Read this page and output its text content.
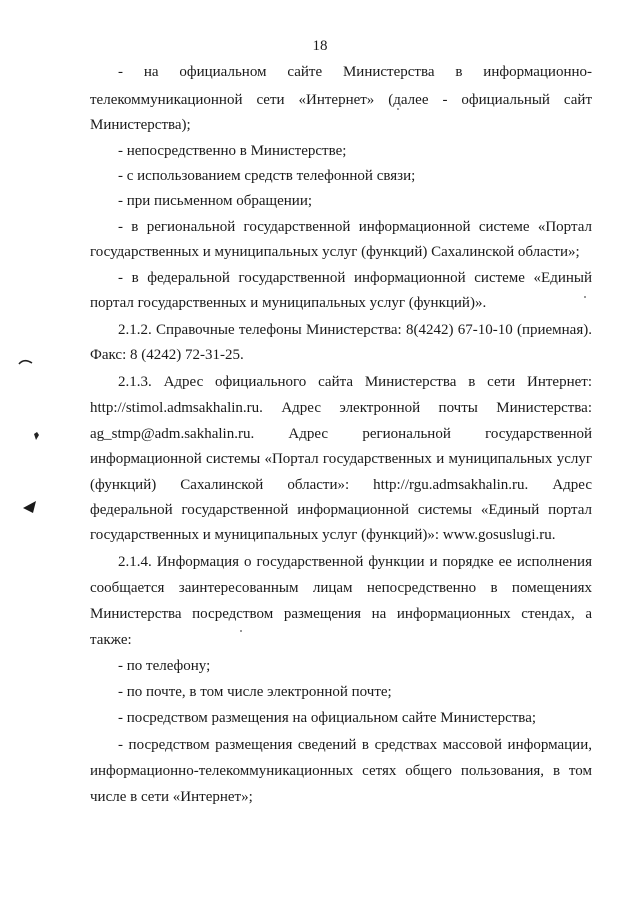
18
- на официальном сайте Министерства в информационно-
телекоммуникационной сети «Интернет» (далее - официальный сайт
Министерства);
- непосредственно в Министерстве;
- с использованием средств телефонной связи;
- при письменном обращении;
- в региональной государственной информационной системе «Портал
государственных и муниципальных услуг (функций) Сахалинской области»;
- в федеральной государственной информационной системе «Единый
портал государственных и муниципальных услуг (функций)».
2.1.2. Справочные телефоны Министерства: 8(4242) 67-10-10 (приемная).
Факс: 8 (4242) 72-31-25.
2.1.3. Адрес официального сайта Министерства в сети Интернет:
http://stimol.admsakhalin.ru. Адрес электронной почты Министерства:
ag_stmp@adm.sakhalin.ru. Адрес региональной государственной
информационной системы «Портал государственных и муниципальных услуг
(функций) Сахалинской области»: http://rgu.admsakhalin.ru. Адрес
федеральной государственной информационной системы «Единый портал
государственных и муниципальных услуг (функций)»: www.gosuslugi.ru.
2.1.4. Информация о государственной функции и порядке ее исполнения
сообщается заинтересованным лицам непосредственно в помещениях
Министерства посредством размещения на информационных стендах, а
также:
- по телефону;
- по почте, в том числе электронной почте;
- посредством размещения на официальном сайте Министерства;
- посредством размещения сведений в средствах массовой информации,
информационно-телекоммуникационных сетях общего пользования, в том
числе в сети «Интернет»;
